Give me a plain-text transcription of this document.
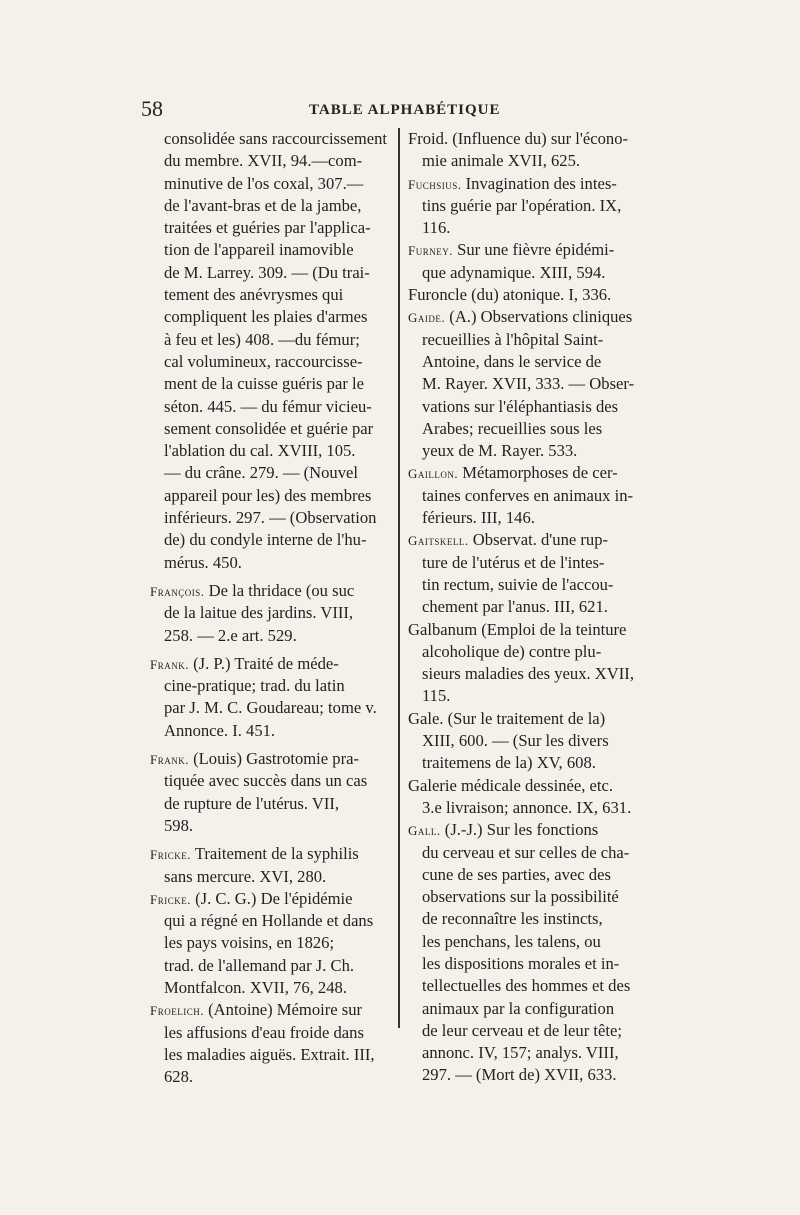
58	TABLE ALPHABÉTIQUE
consolidée sans raccourcissement
du membre. XVII, 94.—com-
minutive de l'os coxal, 307.—
de l'avant-bras et de la jambe,
traitées et guéries par l'applica-
tion de l'appareil inamovible
de M. Larrey. 309. — (Du trai-
tement des anévrysmes qui
compliquent les plaies d'armes
à feu et les) 408. —du fémur;
cal volumineux, raccourcisse-
ment de la cuisse guéris par le
séton. 445. — du fémur vicieu-
sement consolidée et guérie par
l'ablation du cal. XVIII, 105.
— du crâne. 279. — (Nouvel
appareil pour les) des membres
inférieurs. 297. — (Observation
de) du condyle interne de l'hu-
mérus. 450.
François. De la thridace (ou suc
de la laitue des jardins. VIII,
258. — 2.e art. 529.
Frank. (J. P.) Traité de méde-
cine-pratique; trad. du latin
par J. M. C. Goudareau; tome v.
Annonce. I. 451.
Frank. (Louis) Gastrotomie pra-
tiquée avec succès dans un cas
de rupture de l'utérus. VII,
598.
Fricke. Traitement de la syphilis
sans mercure. XVI, 280.
Fricke. (J. C. G.) De l'épidémie
qui a régné en Hollande et dans
les pays voisins, en 1826;
trad. de l'allemand par J. Ch.
Montfalcon. XVII, 76, 248.
Froelich. (Antoine) Mémoire sur
les affusions d'eau froide dans
les maladies aiguës. Extrait. III,
628.
Froid. (Influence du) sur l'écono-
mie animale XVII, 625.
Fuchsius. Invagination des intes-
tins guérie par l'opération. IX,
116.
Furney. Sur une fièvre épidémi-
que adynamique. XIII, 594.
Furoncle (du) atonique. I, 336.
Gaide. (A.) Observations cliniques
recueillies à l'hôpital Saint-
Antoine, dans le service de
M. Rayer. XVII, 333. — Obser-
vations sur l'éléphantiasis des
Arabes; recueillies sous les
yeux de M. Rayer. 533.
Gaillon. Métamorphoses de cer-
taines conferves en animaux in-
férieurs. III, 146.
Gaitskell. Observat. d'une rup-
ture de l'utérus et de l'intes-
tin rectum, suivie de l'accou-
chement par l'anus. III, 621.
Galbanum (Emploi de la teinture
alcoholique de) contre plu-
sieurs maladies des yeux. XVII,
115.
Gale. (Sur le traitement de la)
XIII, 600. — (Sur les divers
traitemens de la) XV, 608.
Galerie médicale dessinée, etc.
3.e livraison; annonce. IX, 631.
Gall. (J.-J.) Sur les fonctions
du cerveau et sur celles de cha-
cune de ses parties, avec des
observations sur la possibilité
de reconnaître les instincts,
les penchans, les talens, ou
les dispositions morales et in-
tellectuelles des hommes et des
animaux par la configuration
de leur cerveau et de leur tête;
annonc. IV, 157; analys. VIII,
297. — (Mort de) XVII, 633.
